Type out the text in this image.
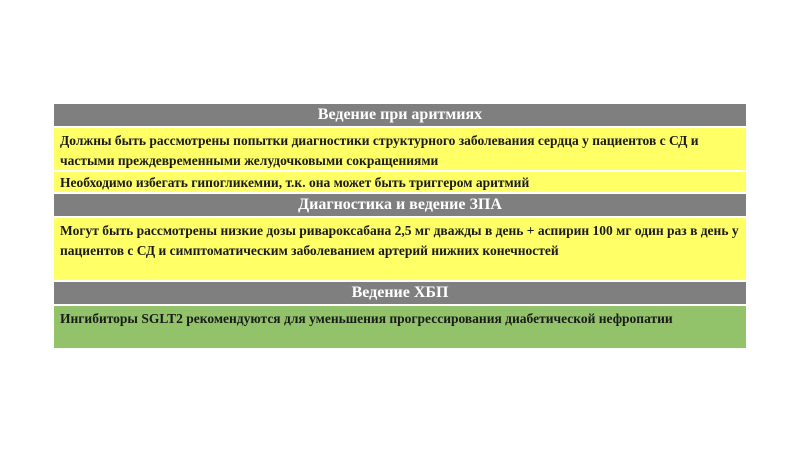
Ведение при аритмиях
Должны быть рассмотрены попытки диагностики структурного заболевания сердца у пациентов с СД и частыми преждевременными желудочковыми сокращениями
Необходимо избегать гипогликемии, т.к. она может быть триггером аритмий
Диагностика и ведение ЗПА
Могут быть рассмотрены низкие дозы ривароксабана 2,5 мг дважды в день + аспирин 100 мг один раз в день у пациентов с СД и симптоматическим заболеванием артерий нижних конечностей
Ведение ХБП
Ингибиторы SGLT2 рекомендуются для уменьшения прогрессирования диабетической нефропатии
